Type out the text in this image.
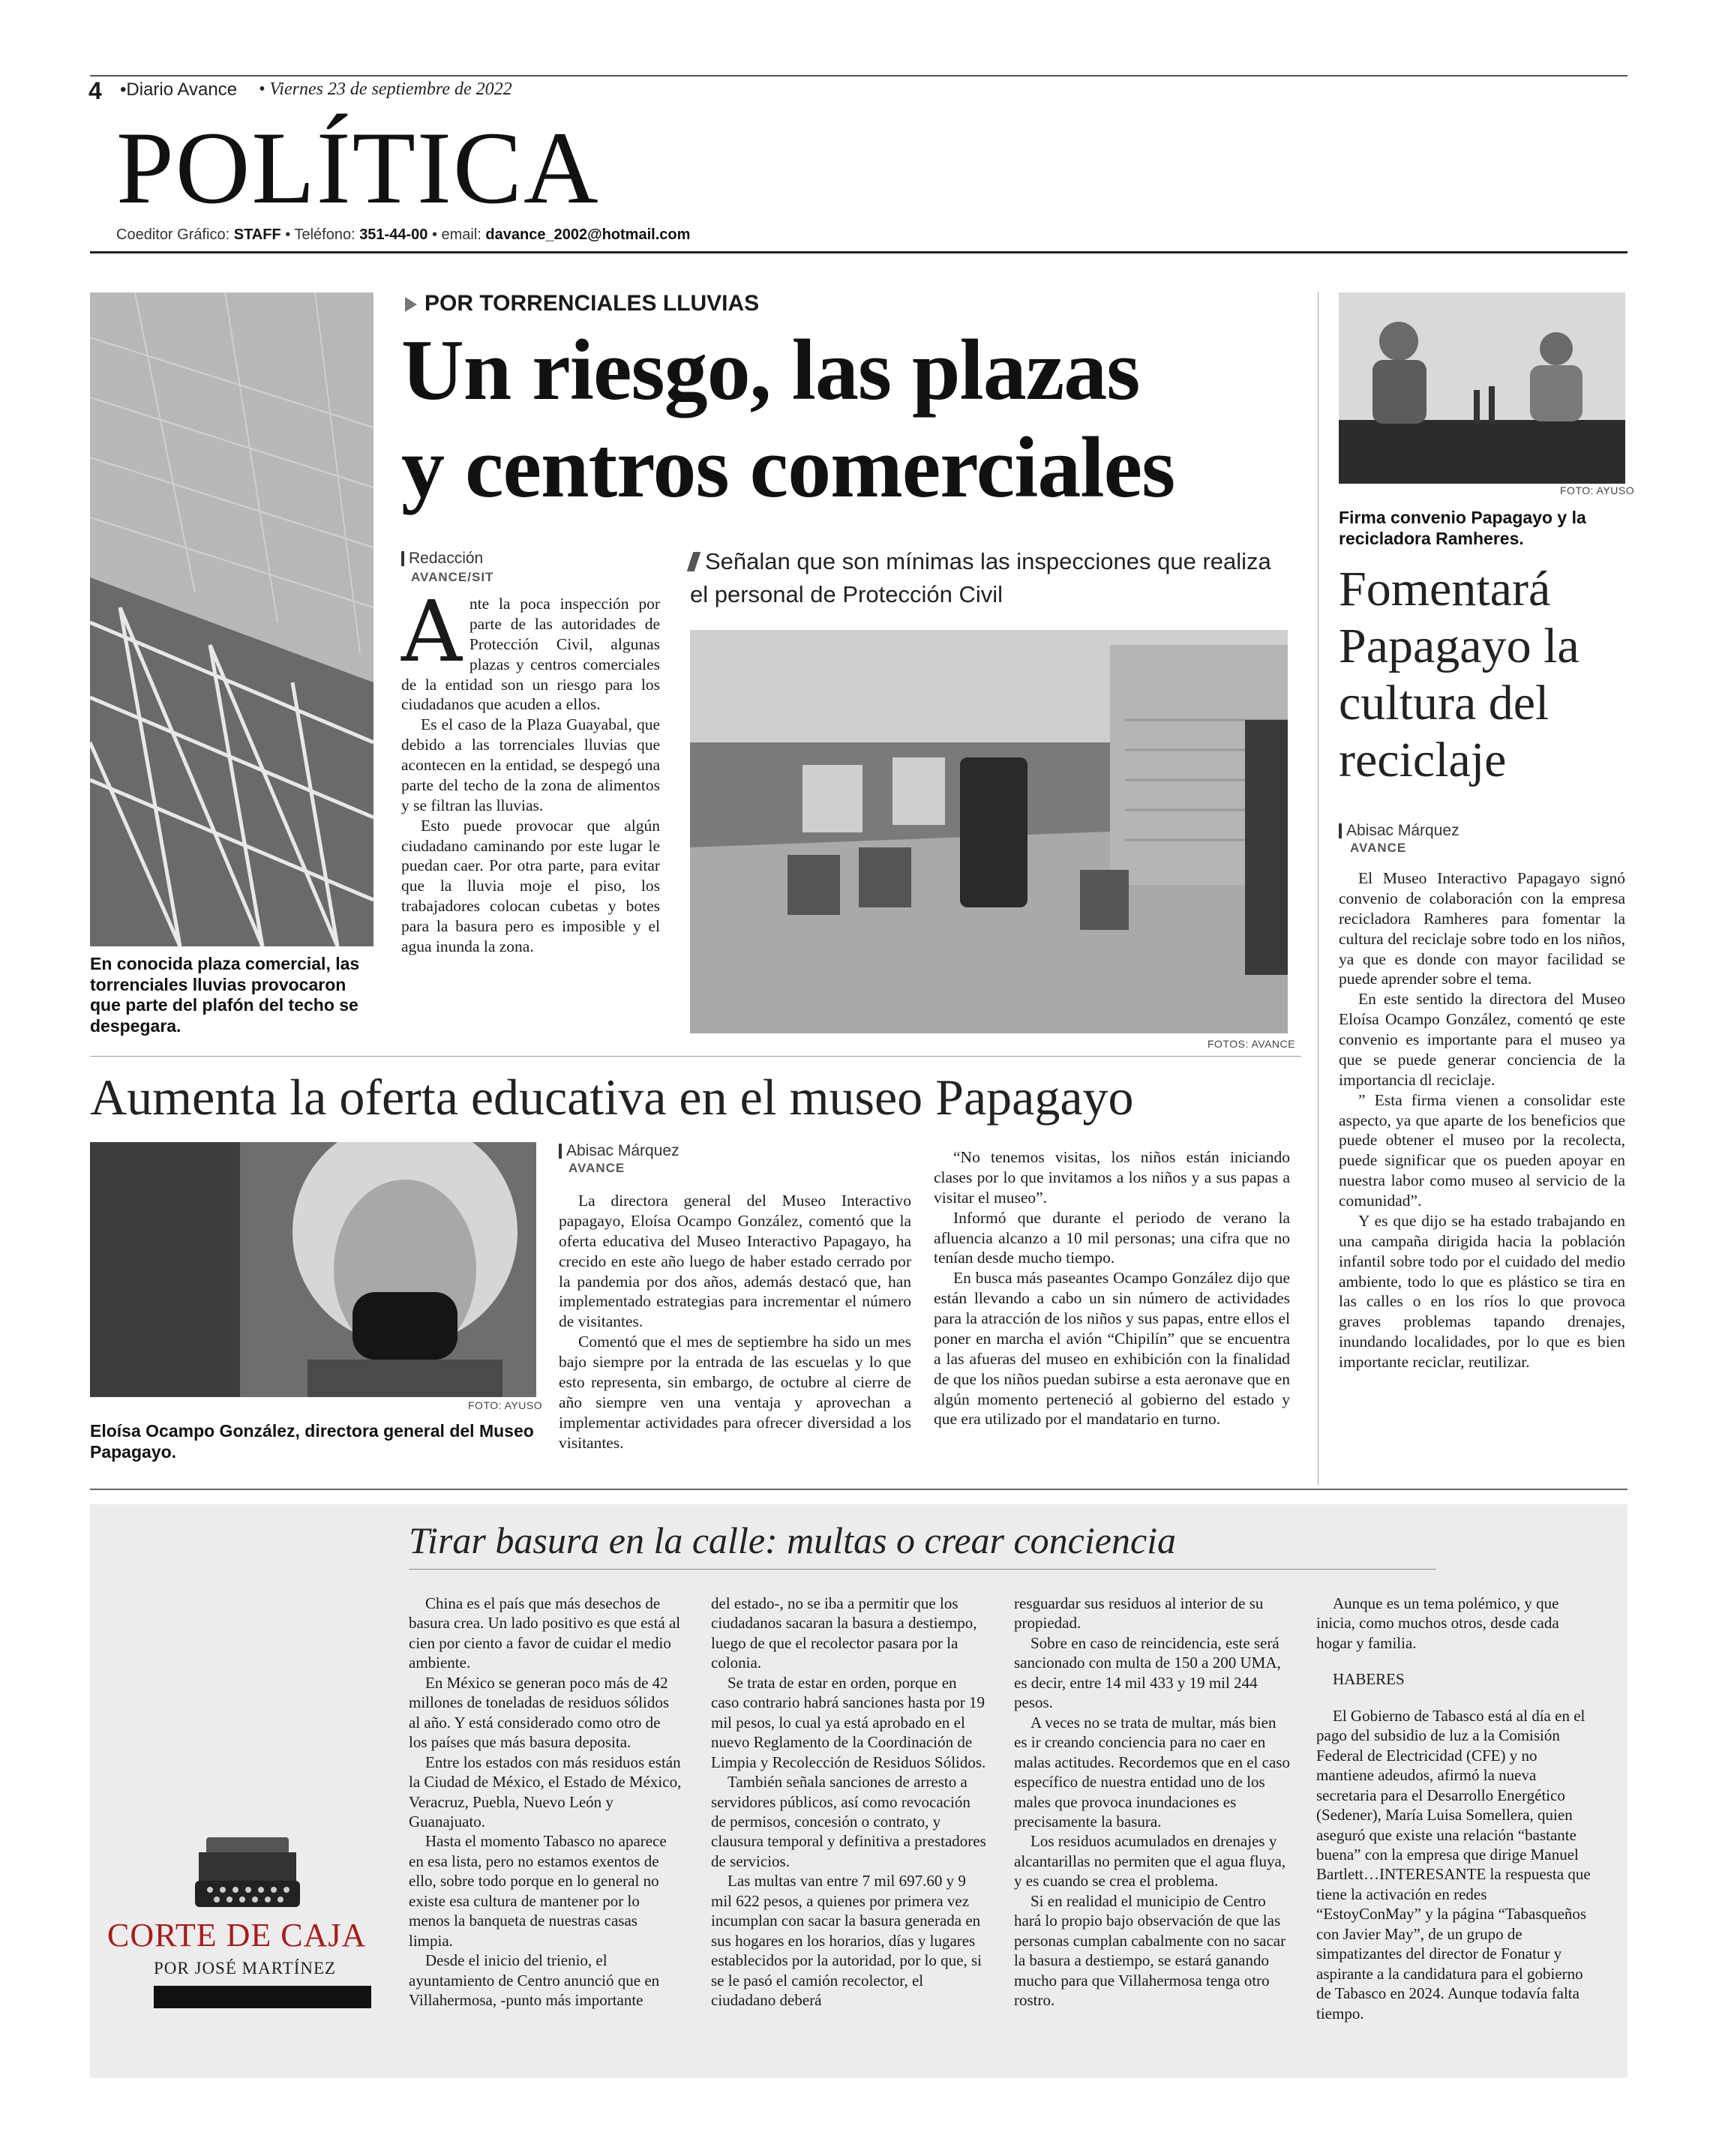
4 •Diario Avance • Viernes 23 de septiembre de 2022
POLÍTICA
Coeditor Gráfico: STAFF • Teléfono: 351-44-00 • email: davance_2002@hotmail.com
En conocida plaza comercial, las torrenciales lluvias provocaron que parte del plafón del techo se despegara.
POR TORRENCIALES LLUVIAS
Un riesgo, las plazas
y centros comerciales
Redacción
AVANCE/SIT

Ante la poca inspección por parte de las autoridades de Protección Civil, algunas plazas y centros comerciales de la entidad son un riesgo para los ciudadanos que acuden a ellos.

Es el caso de la Plaza Guayabal, que debido a las torrenciales lluvias que acontecen en la entidad, se despegó una parte del techo de la zona de alimentos y se filtran las lluvias.

Esto puede provocar que algún ciudadano caminando por este lugar le puedan caer. Por otra parte, para evitar que la lluvia moje el piso, los trabajadores colocan cubetas y botes para la basura pero es imposible y el agua inunda la zona.

Señalan que son mínimas las inspecciones que realiza el personal de Protección Civil
FOTOS: AVANCE
FOTO: AYUSO
Firma convenio Papagayo y la recicladora Ramheres.
Fomentará Papagayo la cultura del reciclaje
Abisac Márquez
AVANCE

El Museo Interactivo Papagayo signó convenio de colaboración con la empresa recicladora Ramheres para fomentar la cultura del reciclaje sobre todo en los niños, ya que es donde con mayor facilidad se puede aprender sobre el tema.

En este sentido la directora del Museo Eloísa Ocampo González, comentó qe este convenio es importante para el museo ya que se puede generar conciencia de la importancia dl reciclaje.

” Esta firma vienen a consolidar este aspecto, ya que aparte de los beneficios que puede obtener el museo por la recolecta, puede significar que os pueden apoyar en nuestra labor como museo al servicio de la comunidad”.

Y es que dijo se ha estado trabajando en una campaña dirigida hacia la población infantil sobre todo por el cuidado del medio ambiente, todo lo que es plástico se tira en las calles o en los ríos lo que provoca graves problemas tapando drenajes, inundando localidades, por lo que es bien importante reciclar, reutilizar.

Aumenta la oferta educativa en el museo Papagayo
FOTO: AYUSO
Eloísa Ocampo González, directora general del Museo Papagayo.
Abisac Márquez
AVANCE

La directora general del Museo Interactivo papagayo, Eloísa Ocampo González, comentó que la oferta educativa del Museo Interactivo Papagayo, ha crecido en este año luego de haber estado cerrado por la pandemia por dos años, además destacó que, han implementado estrategias para incrementar el número de visitantes.

Comentó que el mes de septiembre ha sido un mes bajo siempre por la entrada de las escuelas y lo que esto representa, sin embargo, de octubre al cierre de año siempre ven una ventaja y aprovechan a implementar actividades para ofrecer diversidad a los visitantes.

“No tenemos visitas, los niños están iniciando clases por lo que invitamos a los niños y a sus papas a visitar el museo”.

Informó que durante el periodo de verano la afluencia alcanzo a 10 mil personas; una cifra que no tenían desde mucho tiempo.

En busca más paseantes Ocampo González dijo que están llevando a cabo un sin número de actividades para la atracción de los niños y sus papas, entre ellos el poner en marcha el avión “Chipilín” que se encuentra a las afueras del museo en exhibición con la finalidad de que los niños puedan subirse a esta aeronave que en algún momento perteneció al gobierno del estado y que era utilizado por el mandatario en turno.

Tirar basura en la calle: multas o crear conciencia
CORTE DE CAJA
POR JOSÉ MARTÍNEZ

China es el país que más desechos de basura crea. Un lado positivo es que está al cien por ciento a favor de cuidar el medio ambiente.

En México se generan poco más de 42 millones de toneladas de residuos sólidos al año. Y está considerado como otro de los países que más basura deposita.

Entre los estados con más residuos están la Ciudad de México, el Estado de México, Veracruz, Puebla, Nuevo León y Guanajuato.

Hasta el momento Tabasco no aparece en esa lista, pero no estamos exentos de ello, sobre todo porque en lo general no existe esa cultura de mantener por lo menos la banqueta de nuestras casas limpia.

Desde el inicio del trienio, el ayuntamiento de Centro anunció que en Villahermosa, -punto más importante

del estado-, no se iba a permitir que los ciudadanos sacaran la basura a destiempo, luego de que el recolector pasara por la colonia.

Se trata de estar en orden, porque en caso contrario habrá sanciones hasta por 19 mil pesos, lo cual ya está aprobado en el nuevo Reglamento de la Coordinación de Limpia y Recolección de Residuos Sólidos.

También señala sanciones de arresto a servidores públicos, así como revocación de permisos, concesión o contrato, y clausura temporal y definitiva a prestadores de servicios.

Las multas van entre 7 mil 697.60 y 9 mil 622 pesos, a quienes por primera vez incumplan con sacar la basura generada en sus hogares en los horarios, días y lugares establecidos por la autoridad, por lo que, si se le pasó el camión recolector, el ciudadano deberá

resguardar sus residuos al interior de su propiedad.

Sobre en caso de reincidencia, este será sancionado con multa de 150 a 200 UMA, es decir, entre 14 mil 433 y 19 mil 244 pesos.

A veces no se trata de multar, más bien es ir creando conciencia para no caer en malas actitudes. Recordemos que en el caso específico de nuestra entidad uno de los males que provoca inundaciones es precisamente la basura.

Los residuos acumulados en drenajes y alcantarillas no permiten que el agua fluya, y es cuando se crea el problema.

Si en realidad el municipio de Centro hará lo propio bajo observación de que las personas cumplan cabalmente con no sacar la basura a destiempo, se estará ganando mucho para que Villahermosa tenga otro rostro.

Aunque es un tema polémico, y que inicia, como muchos otros, desde cada hogar y familia.

HABERES

El Gobierno de Tabasco está al día en el pago del subsidio de luz a la Comisión Federal de Electricidad (CFE) y no mantiene adeudos, afirmó la nueva secretaria para el Desarrollo Energético (Sedener), María Luisa Somellera, quien aseguró que existe una relación “bastante buena” con la empresa que dirige Manuel Bartlett…INTERESANTE la respuesta que tiene la activación en redes “EstoyConMay” y la página “Tabasqueños con Javier May”, de un grupo de simpatizantes del director de Fonatur y aspirante a la candidatura para el gobierno de Tabasco en 2024. Aunque todavía falta tiempo.
